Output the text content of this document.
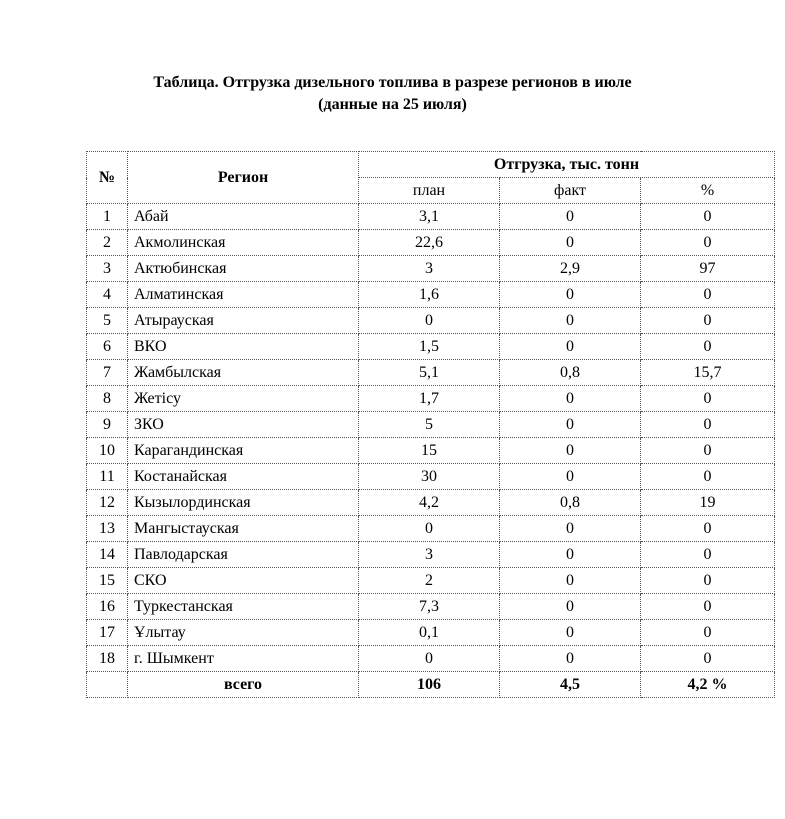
Таблица. Отгрузка дизельного топлива в разрезе регионов в июле
(данные на 25 июля)
№	Регион	Отгрузка, тыс. тонн		
		план	факт	%
1	Абай	3,1	0	0
2	Акмолинская	22,6	0	0
3	Актюбинская	3	2,9	97
4	Алматинская	1,6	0	0
5	Атырауская	0	0	0
6	ВКО	1,5	0	0
7	Жамбылская	5,1	0,8	15,7
8	Жетісу	1,7	0	0
9	ЗКО	5	0	0
10	Карагандинская	15	0	0
11	Костанайская	30	0	0
12	Кызылординская	4,2	0,8	19
13	Мангыстауская	0	0	0
14	Павлодарская	3	0	0
15	СКО	2	0	0
16	Туркестанская	7,3	0	0
17	Ұлытау	0,1	0	0
18	г. Шымкент	0	0	0
	всего	106	4,5	4,2 %
